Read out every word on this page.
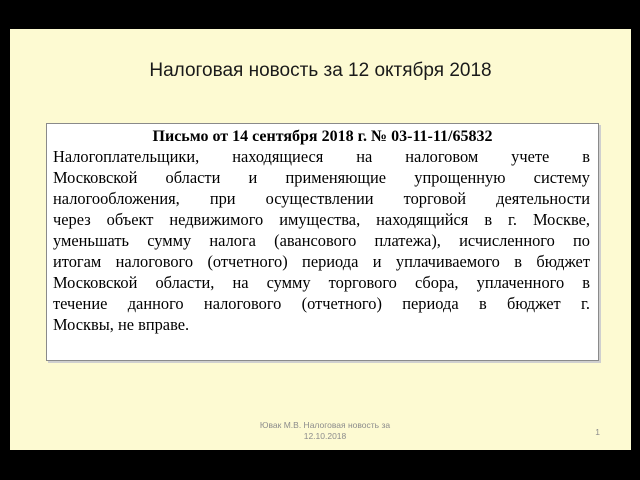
Налоговая новость за 12 октября 2018
Письмо от 14 сентября 2018 г. № 03-11-11/65832
Налогоплательщики, находящиеся на налоговом учете в
Московской области и применяющие упрощенную систему
налогообложения, при осуществлении торговой деятельности
через объект недвижимого имущества, находящийся в г. Москве,
уменьшать сумму налога (авансового платежа), исчисленного по
итогам налогового (отчетного) периода и уплачиваемого в бюджет
Московской области, на сумму торгового сбора, уплаченного в
течение данного налогового (отчетного) периода в бюджет г.
Москвы, не вправе.
Ювак М.В. Налоговая новость за
12.10.2018	1
